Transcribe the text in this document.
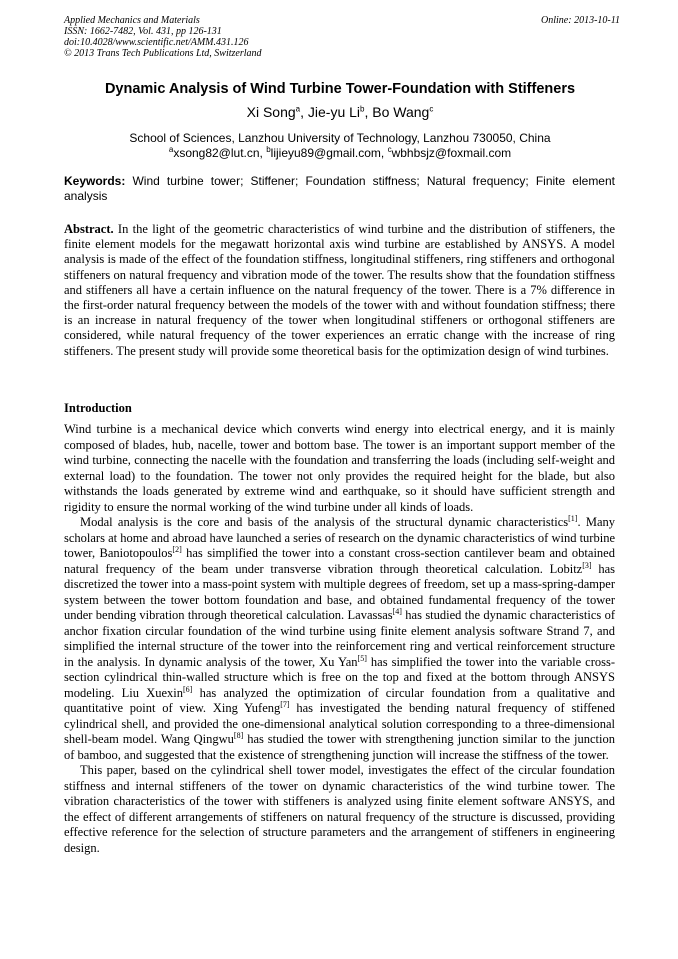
Applied Mechanics and Materials
ISSN: 1662-7482, Vol. 431, pp 126-131
doi:10.4028/www.scientific.net/AMM.431.126
© 2013 Trans Tech Publications Ltd, Switzerland
Online: 2013-10-11
Dynamic Analysis of Wind Turbine Tower-Foundation with Stiffeners
Xi Song$^a$, Jie-yu Li$^b$, Bo Wang$^c$
School of Sciences, Lanzhou University of Technology, Lanzhou 730050, China
$^a$xsong82@lut.cn, $^b$lijieyu89@gmail.com, $^c$wbhbsjz@foxmail.com
Keywords: Wind turbine tower; Stiffener; Foundation stiffness; Natural frequency; Finite element analysis
Abstract. In the light of the geometric characteristics of wind turbine and the distribution of stiffeners, the finite element models for the megawatt horizontal axis wind turbine are established by ANSYS. A model analysis is made of the effect of the foundation stiffness, longitudinal stiffeners, ring stiffeners and orthogonal stiffeners on natural frequency and vibration mode of the tower. The results show that the foundation stiffness and stiffeners all have a certain influence on the natural frequency of the tower. There is a 7% difference in the first-order natural frequency between the models of the tower with and without foundation stiffness; there is an increase in natural frequency of the tower when longitudinal stiffeners or orthogonal stiffeners are considered, while natural frequency of the tower experiences an erratic change with the increase of ring stiffeners. The present study will provide some theoretical basis for the optimization design of wind turbines.
Introduction

Wind turbine is a mechanical device which converts wind energy into electrical energy, and it is mainly composed of blades, hub, nacelle, tower and bottom base. The tower is an important support member of the wind turbine, connecting the nacelle with the foundation and transferring the loads (including self-weight and external load) to the foundation. The tower not only provides the required height for the blade, but also withstands the loads generated by extreme wind and earthquake, so it should have sufficient strength and rigidity to ensure the normal working of the wind turbine under all kinds of loads.

Modal analysis is the core and basis of the analysis of the structural dynamic characteristics[1]. Many scholars at home and abroad have launched a series of research on the dynamic characteristics of wind turbine tower, Baniotopoulos[2] has simplified the tower into a constant cross-section cantilever beam and obtained natural frequency of the beam under transverse vibration through theoretical calculation. Lobitz[3] has discretized the tower into a mass-point system with multiple degrees of freedom, set up a mass-spring-damper system between the tower bottom foundation and base, and obtained fundamental frequency of the tower under bending vibration through theoretical calculation. Lavassas[4] has studied the dynamic characteristics of anchor fixation circular foundation of the wind turbine using finite element analysis software Strand 7, and simplified the internal structure of the tower into the reinforcement ring and vertical reinforcement structure in the analysis. In dynamic analysis of the tower, Xu Yan[5] has simplified the tower into the variable cross-section cylindrical thin-walled structure which is free on the top and fixed at the bottom through ANSYS modeling. Liu Xuexin[6] has analyzed the optimization of circular foundation from a qualitative and quantitative point of view. Xing Yufeng[7] has investigated the bending natural frequency of stiffened cylindrical shell, and provided the one-dimensional analytical solution corresponding to a three-dimensional shell-beam model. Wang Qingwu[8] has studied the tower with strengthening junction similar to the junction of bamboo, and suggested that the existence of strengthening junction will increase the stiffness of the tower.

This paper, based on the cylindrical shell tower model, investigates the effect of the circular foundation stiffness and internal stiffeners of the tower on dynamic characteristics of the wind turbine tower. The vibration characteristics of the tower with stiffeners is analyzed using finite element software ANSYS, and the effect of different arrangements of stiffeners on natural frequency of the structure is discussed, providing effective reference for the selection of structure parameters and the arrangement of stiffeners in engineering design.
